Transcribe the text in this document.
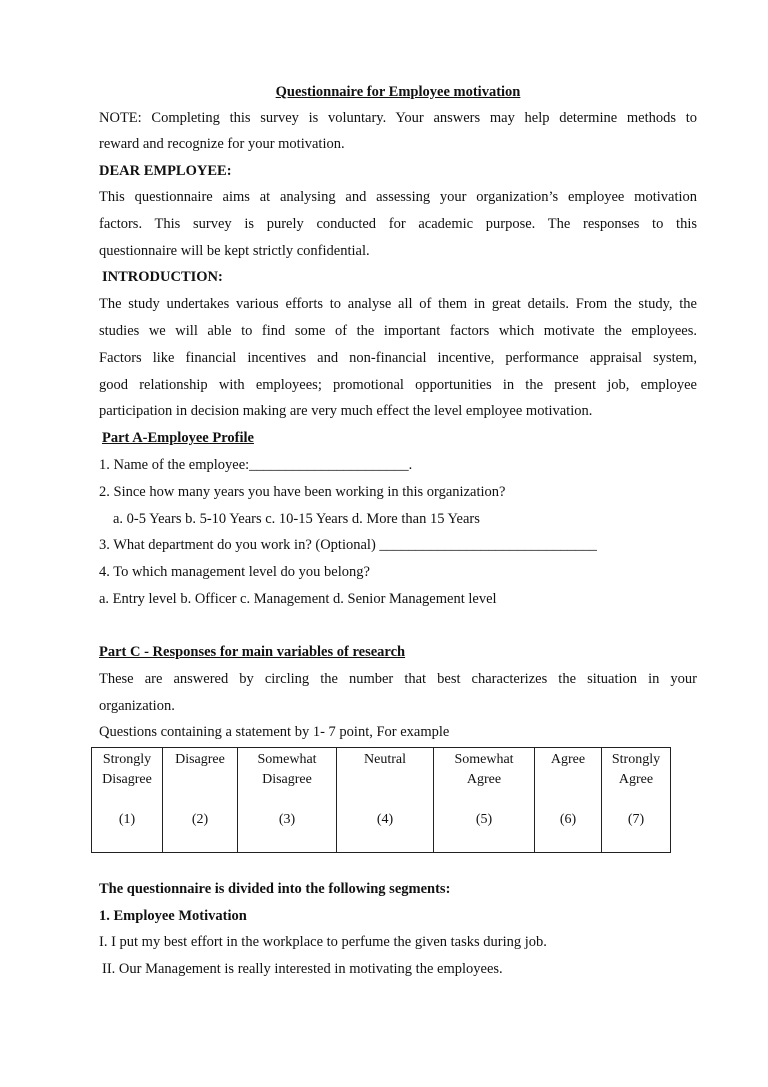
Questionnaire for Employee motivation
NOTE: Completing this survey is voluntary. Your answers may help determine methods to
reward and recognize for your motivation.
DEAR EMPLOYEE:
This questionnaire aims at analysing and assessing your organization’s employee motivation
factors. This survey is purely conducted for academic purpose. The responses to this
questionnaire will be kept strictly confidential.
INTRODUCTION:
The study undertakes various efforts to analyse all of them in great details. From the study, the
studies we will able to find some of the important factors which motivate the employees.
Factors like financial incentives and non-financial incentive, performance appraisal system,
good relationship with employees; promotional opportunities in the present job, employee
participation in decision making are very much effect the level employee motivation.
Part A-Employee Profile
1. Name of the employee:______________________.
2. Since how many years you have been working in this organization?
a. 0-5 Years b. 5-10 Years c. 10-15 Years d. More than 15 Years
3. What department do you work in? (Optional) ______________________________
4. To which management level do you belong?
a. Entry level b. Officer c. Management d. Senior Management level
Part C - Responses for main variables of research
These are answered by circling the number that best characterizes the situation in your
organization.
Questions containing a statement by 1- 7 point, For example
Strongly
Disagree
(1)

Disagree
(2)

Somewhat
Disagree
(3)

Neutral
(4)

Somewhat
Agree
(5)

Agree
(6)

Strongly
Agree
(7)
The questionnaire is divided into the following segments:
1. Employee Motivation
I. I put my best effort in the workplace to perfume the given tasks during job.
II. Our Management is really interested in motivating the employees.
